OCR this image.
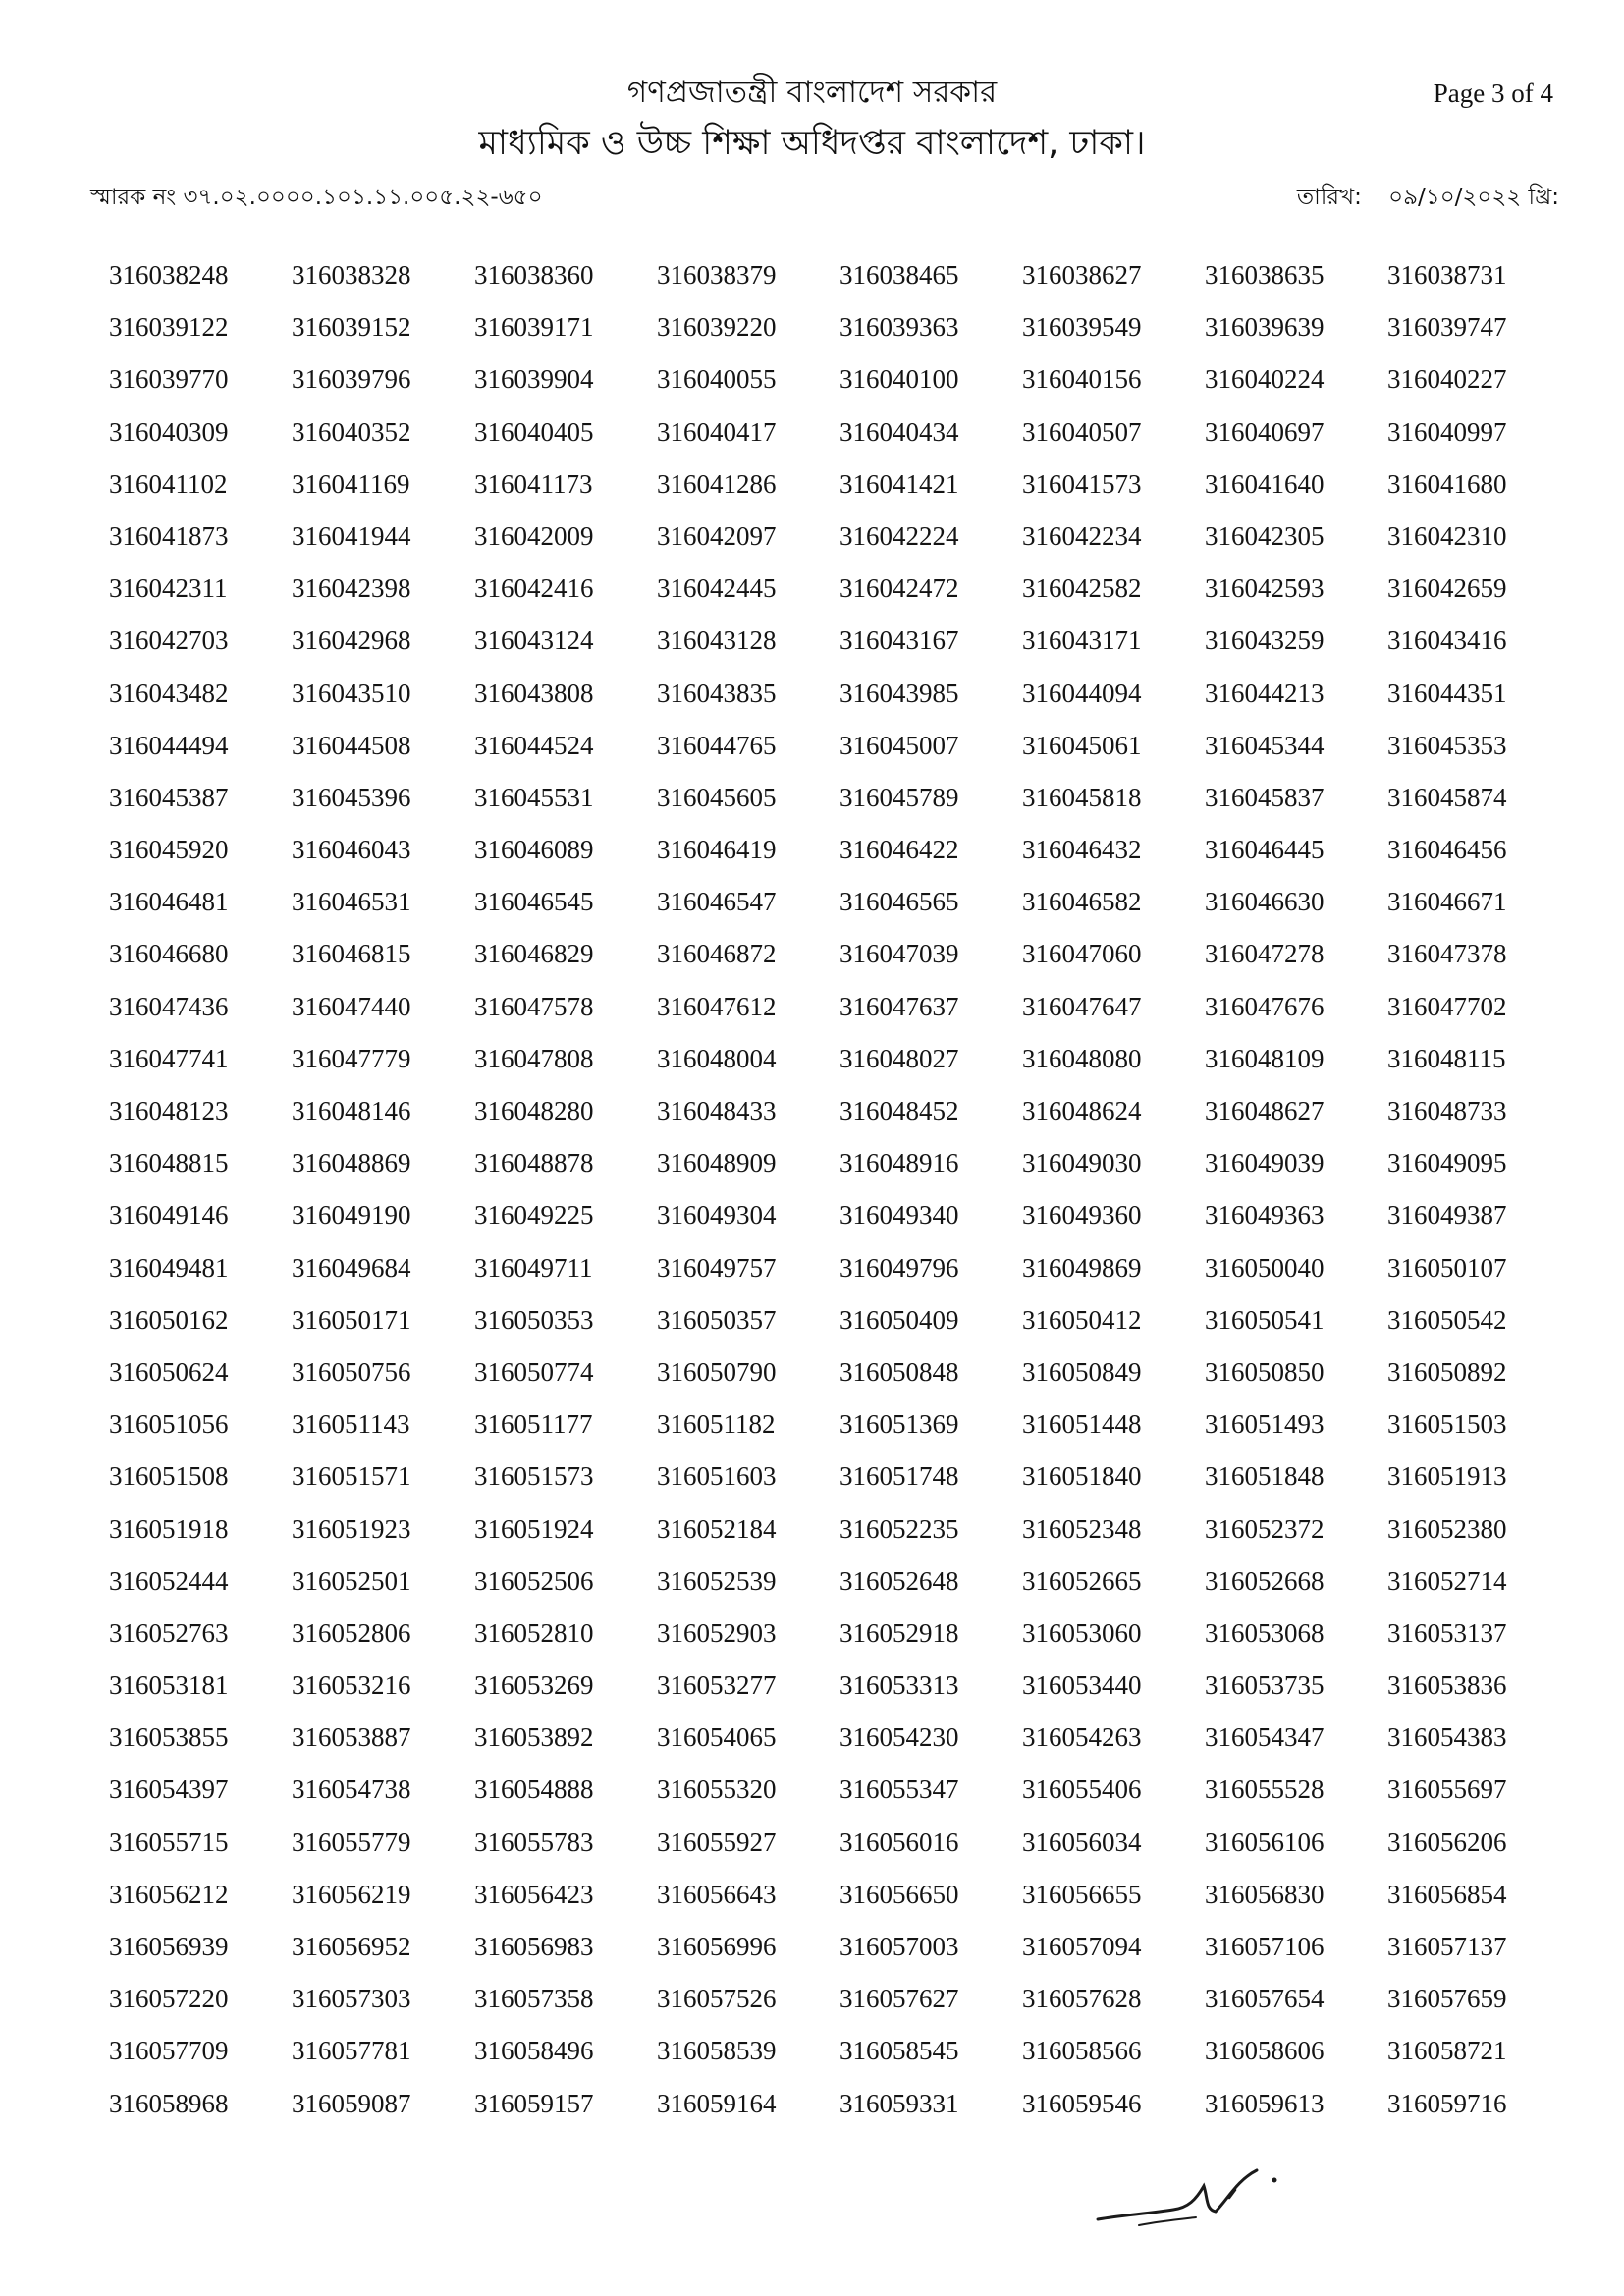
গণপ্রজাতন্ত্রী বাংলাদেশ সরকার
মাধ্যমিক ও উচ্চ শিক্ষা অধিদপ্তর বাংলাদেশ, ঢাকা।
Page 3 of 4
স্মারক নং ৩৭.০২.০০০০.১০১.১১.০০৫.২২-৬৫০	তারিখ: ০৯/১০/২০২২ খ্রি:
316038248	316038328	316038360	316038379	316038465	316038627	316038635	316038731
316039122	316039152	316039171	316039220	316039363	316039549	316039639	316039747
316039770	316039796	316039904	316040055	316040100	316040156	316040224	316040227
316040309	316040352	316040405	316040417	316040434	316040507	316040697	316040997
316041102	316041169	316041173	316041286	316041421	316041573	316041640	316041680
316041873	316041944	316042009	316042097	316042224	316042234	316042305	316042310
316042311	316042398	316042416	316042445	316042472	316042582	316042593	316042659
316042703	316042968	316043124	316043128	316043167	316043171	316043259	316043416
316043482	316043510	316043808	316043835	316043985	316044094	316044213	316044351
316044494	316044508	316044524	316044765	316045007	316045061	316045344	316045353
316045387	316045396	316045531	316045605	316045789	316045818	316045837	316045874
316045920	316046043	316046089	316046419	316046422	316046432	316046445	316046456
316046481	316046531	316046545	316046547	316046565	316046582	316046630	316046671
316046680	316046815	316046829	316046872	316047039	316047060	316047278	316047378
316047436	316047440	316047578	316047612	316047637	316047647	316047676	316047702
316047741	316047779	316047808	316048004	316048027	316048080	316048109	316048115
316048123	316048146	316048280	316048433	316048452	316048624	316048627	316048733
316048815	316048869	316048878	316048909	316048916	316049030	316049039	316049095
316049146	316049190	316049225	316049304	316049340	316049360	316049363	316049387
316049481	316049684	316049711	316049757	316049796	316049869	316050040	316050107
316050162	316050171	316050353	316050357	316050409	316050412	316050541	316050542
316050624	316050756	316050774	316050790	316050848	316050849	316050850	316050892
316051056	316051143	316051177	316051182	316051369	316051448	316051493	316051503
316051508	316051571	316051573	316051603	316051748	316051840	316051848	316051913
316051918	316051923	316051924	316052184	316052235	316052348	316052372	316052380
316052444	316052501	316052506	316052539	316052648	316052665	316052668	316052714
316052763	316052806	316052810	316052903	316052918	316053060	316053068	316053137
316053181	316053216	316053269	316053277	316053313	316053440	316053735	316053836
316053855	316053887	316053892	316054065	316054230	316054263	316054347	316054383
316054397	316054738	316054888	316055320	316055347	316055406	316055528	316055697
316055715	316055779	316055783	316055927	316056016	316056034	316056106	316056206
316056212	316056219	316056423	316056643	316056650	316056655	316056830	316056854
316056939	316056952	316056983	316056996	316057003	316057094	316057106	316057137
316057220	316057303	316057358	316057526	316057627	316057628	316057654	316057659
316057709	316057781	316058496	316058539	316058545	316058566	316058606	316058721
316058968	316059087	316059157	316059164	316059331	316059546	316059613	316059716
